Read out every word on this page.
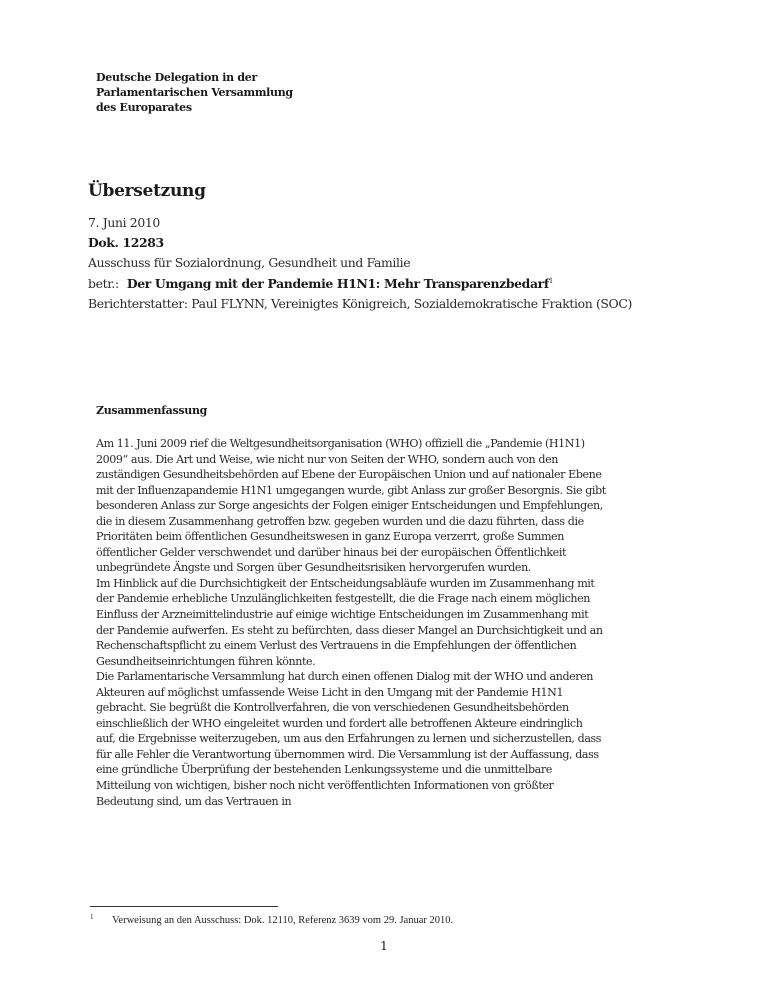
Deutsche Delegation in der
Parlamentarischen Versammlung
des Europarates
Übersetzung
7. Juni 2010
Dok. 12283
Ausschuss für Sozialordnung, Gesundheit und Familie
betr.: Der Umgang mit der Pandemie H1N1: Mehr Transparenzbedarf$^1$
Berichterstatter: Paul FLYNN, Vereinigtes Königreich, Sozialdemokratische Fraktion (SOC)
Zusammenfassung
Am 11. Juni 2009 rief die Weltgesundheitsorganisation (WHO) offiziell die „Pandemie (H1N1)
2009“ aus. Die Art und Weise, wie nicht nur von Seiten der WHO, sondern auch von den
zuständigen Gesundheitsbehörden auf Ebene der Europäischen Union und auf nationaler Ebene
mit der Influenzapandemie H1N1 umgegangen wurde, gibt Anlass zur großer Besorgnis. Sie gibt
besonderen Anlass zur Sorge angesichts der Folgen einiger Entscheidungen und Empfehlungen,
die in diesem Zusammenhang getroffen bzw. gegeben wurden und die dazu führten, dass die
Prioritäten beim öffentlichen Gesundheitswesen in ganz Europa verzerrt, große Summen
öffentlicher Gelder verschwendet und darüber hinaus bei der europäischen Öffentlichkeit
unbegründete Ängste und Sorgen über Gesundheitsrisiken hervorgerufen wurden.
Im Hinblick auf die Durchsichtigkeit der Entscheidungsabläufe wurden im Zusammenhang mit
der Pandemie erhebliche Unzulänglichkeiten festgestellt, die die Frage nach einem möglichen
Einfluss der Arzneimittelindustrie auf einige wichtige Entscheidungen im Zusammenhang mit
der Pandemie aufwerfen. Es steht zu befürchten, dass dieser Mangel an Durchsichtigkeit und an
Rechenschaftspflicht zu einem Verlust des Vertrauens in die Empfehlungen der öffentlichen
Gesundheitseinrichtungen führen könnte.
Die Parlamentarische Versammlung hat durch einen offenen Dialog mit der WHO und anderen
Akteuren auf möglichst umfassende Weise Licht in den Umgang mit der Pandemie H1N1
gebracht. Sie begrüßt die Kontrollverfahren, die von verschiedenen Gesundheitsbehörden
einschließlich der WHO eingeleitet wurden und fordert alle betroffenen Akteure eindringlich
auf, die Ergebnisse weiterzugeben, um aus den Erfahrungen zu lernen und sicherzustellen, dass
für alle Fehler die Verantwortung übernommen wird. Die Versammlung ist der Auffassung, dass
eine gründliche Überprüfung der bestehenden Lenkungssysteme und die unmittelbare
Mitteilung von wichtigen, bisher noch nicht veröffentlichten Informationen von größter
Bedeutung sind, um das Vertrauen in
1 Verweisung an den Ausschuss: Dok. 12110, Referenz 3639 vom 29. Januar 2010.
1
